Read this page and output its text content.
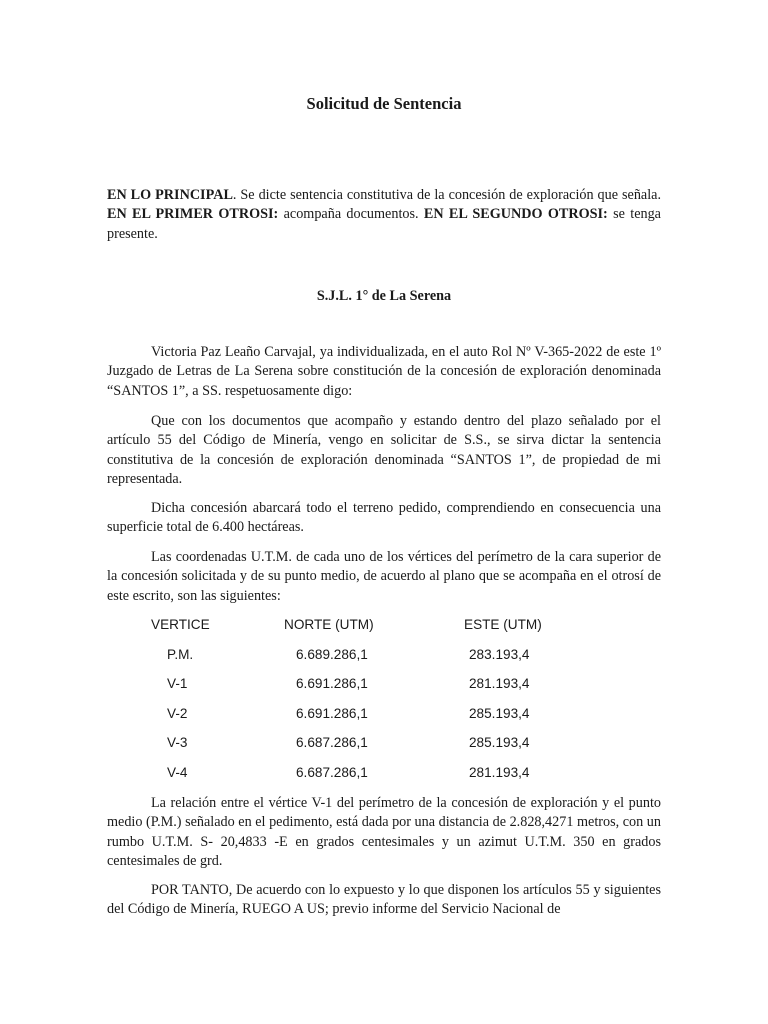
Solicitud de Sentencia

EN LO PRINCIPAL. Se dicte sentencia constitutiva de la concesión de exploración que señala. EN EL PRIMER OTROSI: acompaña documentos. EN EL SEGUNDO OTROSI: se tenga presente.

S.J.L. 1° de La Serena

Victoria Paz Leaño Carvajal, ya individualizada, en el auto Rol Nº V-365-2022 de este 1º Juzgado de Letras de La Serena sobre constitución de la concesión de exploración denominada “SANTOS 1”, a SS. respetuosamente digo:

Que con los documentos que acompaño y estando dentro del plazo señalado por el artículo 55 del Código de Minería, vengo en solicitar de S.S., se sirva dictar la sentencia constitutiva de la concesión de exploración denominada “SANTOS 1”, de propiedad de mi representada.

Dicha concesión abarcará todo el terreno pedido, comprendiendo en consecuencia una superficie total de 6.400 hectáreas.

Las coordenadas U.T.M. de cada uno de los vértices del perímetro de la cara superior de la concesión solicitada y de su punto medio, de acuerdo al plano que se acompaña en el otrosí de este escrito, son las siguientes:

VERTICE	NORTE (UTM)	ESTE (UTM)
P.M.	6.689.286,1	283.193,4
V-1	6.691.286,1	281.193,4
V-2	6.691.286,1	285.193,4
V-3	6.687.286,1	285.193,4
V-4	6.687.286,1	281.193,4

La relación entre el vértice V-1 del perímetro de la concesión de exploración y el punto medio (P.M.) señalado en el pedimento, está dada por una distancia de 2.828,4271 metros, con un rumbo U.T.M. S- 20,4833 -E en grados centesimales y un azimut U.T.M. 350 en grados centesimales de grd.

POR TANTO, De acuerdo con lo expuesto y lo que disponen los artículos 55 y siguientes del Código de Minería, RUEGO A US; previo informe del Servicio Nacional de
